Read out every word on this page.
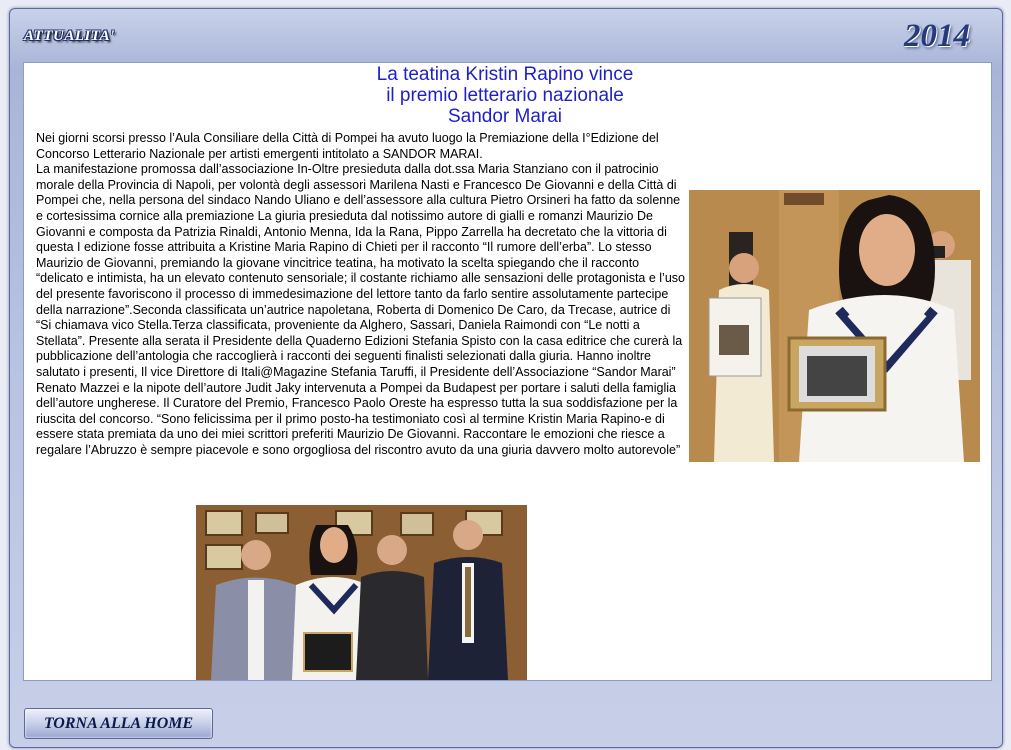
ATTUALITA'	2014
La teatina Kristin Rapino vince
il premio letterario nazionale
Sandor Marai

Nei giorni scorsi presso l’Aula Consiliare della Città di Pompei ha avuto luogo la Premiazione della I°Edizione del Concorso Letterario Nazionale per artisti emergenti intitolato a SANDOR MARAI.

La manifestazione promossa dall’associazione In-Oltre presieduta dalla dot.ssa Maria Stanziano con il patrocinio morale della Provincia di Napoli, per volontà degli assessori Marilena Nasti e Francesco De Giovanni e della Città di Pompei che, nella persona del sindaco Nando Uliano e dell’assessore alla cultura Pietro Orsineri ha fatto da solenne e cortesissima cornice alla premiazione La giuria presieduta dal notissimo autore di gialli e romanzi Maurizio De Giovanni e composta da Patrizia Rinaldi, Antonio Menna, Ida la Rana, Pippo Zarrella ha decretato che la vittoria di questa I edizione fosse attribuita a Kristine Maria Rapino di Chieti per il racconto “Il rumore dell’erba”. Lo stesso Maurizio de Giovanni, premiando la giovane vincitrice teatina, ha motivato la scelta spiegando che il racconto “delicato e intimista, ha un elevato contenuto sensoriale; il costante richiamo alle sensazioni delle protagonista e l’uso del presente favoriscono il processo di immedesimazione del lettore tanto da farlo sentire assolutamente partecipe della narrazione”.Seconda classificata un’autrice napoletana, Roberta di Domenico De Caro, da Trecase, autrice di “Si chiamava vico Stella.Terza classificata, proveniente da Alghero, Sassari, Daniela Raimondi con “Le notti a Stellata”. Presente alla serata il Presidente della Quaderno Edizioni Stefania Spisto con la casa editrice che curerà la pubblicazione dell’antologia che raccoglierà i racconti dei seguenti finalisti selezionati dalla giuria. Hanno inoltre salutato i presenti, Il vice Direttore di Itali@Magazine Stefania Taruffi, il Presidente dell’Associazione “Sandor Marai” Renato Mazzei e la nipote dell’autore Judit Jaky intervenuta a Pompei da Budapest per portare i saluti della famiglia dell’autore ungherese. Il Curatore del Premio, Francesco Paolo Oreste ha espresso tutta la sua soddisfazione per la riuscita del concorso. “Sono felicissima per il primo posto-ha testimoniato così al termine Kristin Maria Rapino-e di essere stata premiata da uno dei miei scrittori preferiti Maurizio De Giovanni. Raccontare le emozioni che riesce a regalare l’Abruzzo è sempre piacevole e sono orgogliosa del riscontro avuto da una giuria davvero molto autorevole”

TORNA ALLA HOME
